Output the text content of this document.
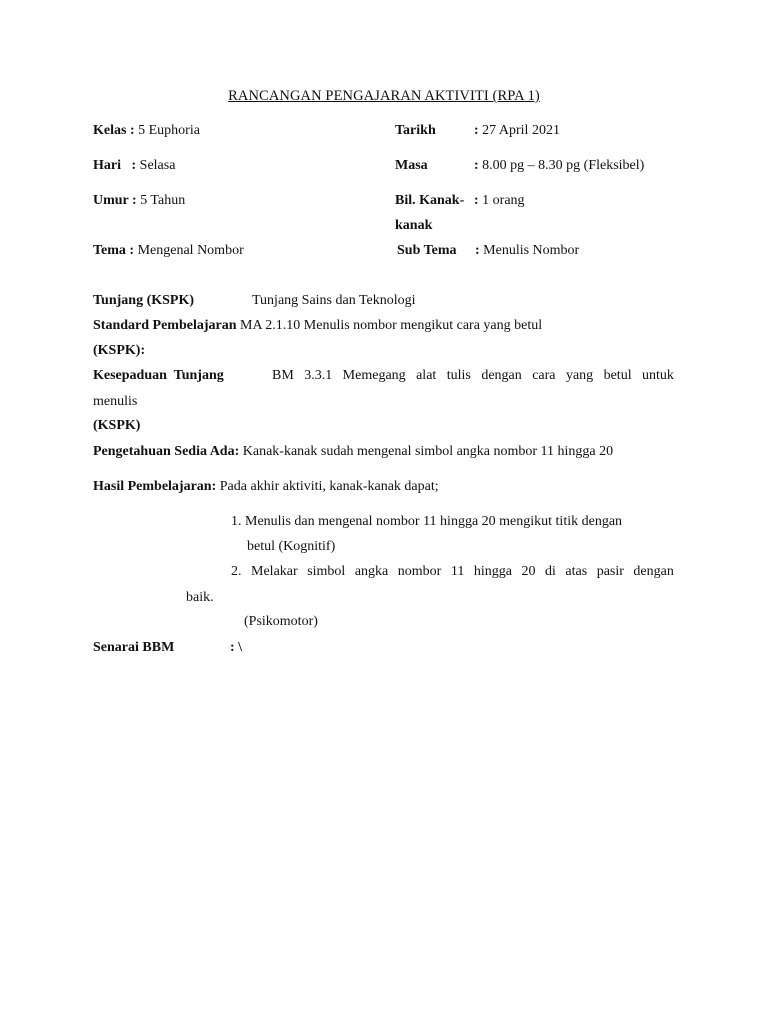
RANCANGAN PENGAJARAN AKTIVITI (RPA 1)
Kelas : 5 Euphoria	Tarikh	: 27 April 2021
Hari   : Selasa	Masa	: 8.00 pg – 8.30 pg (Fleksibel)
Umur : 5 Tahun	Bil. Kanak- : 1 orang
kanak
Tema : Mengenal Nombor	Sub Tema : Menulis Nombor
Tunjang (KSPK)	Tunjang Sains dan Teknologi
Standard Pembelajaran MA 2.1.10 Menulis nombor mengikut cara yang betul
(KSPK):
Kesepaduan  Tunjang	BM 3.3.1 Memegang alat tulis dengan cara yang betul untuk
menulis
(KSPK)
Pengetahuan Sedia Ada: Kanak-kanak sudah mengenal simbol angka nombor 11 hingga 20
Hasil Pembelajaran: Pada akhir aktiviti, kanak-kanak dapat;
1. Menulis dan mengenal nombor 11 hingga 20 mengikut titik dengan
betul (Kognitif)
2. Melakar simbol angka nombor 11 hingga 20 di atas pasir dengan
baik.
(Psikomotor)
Senarai BBM	: \
